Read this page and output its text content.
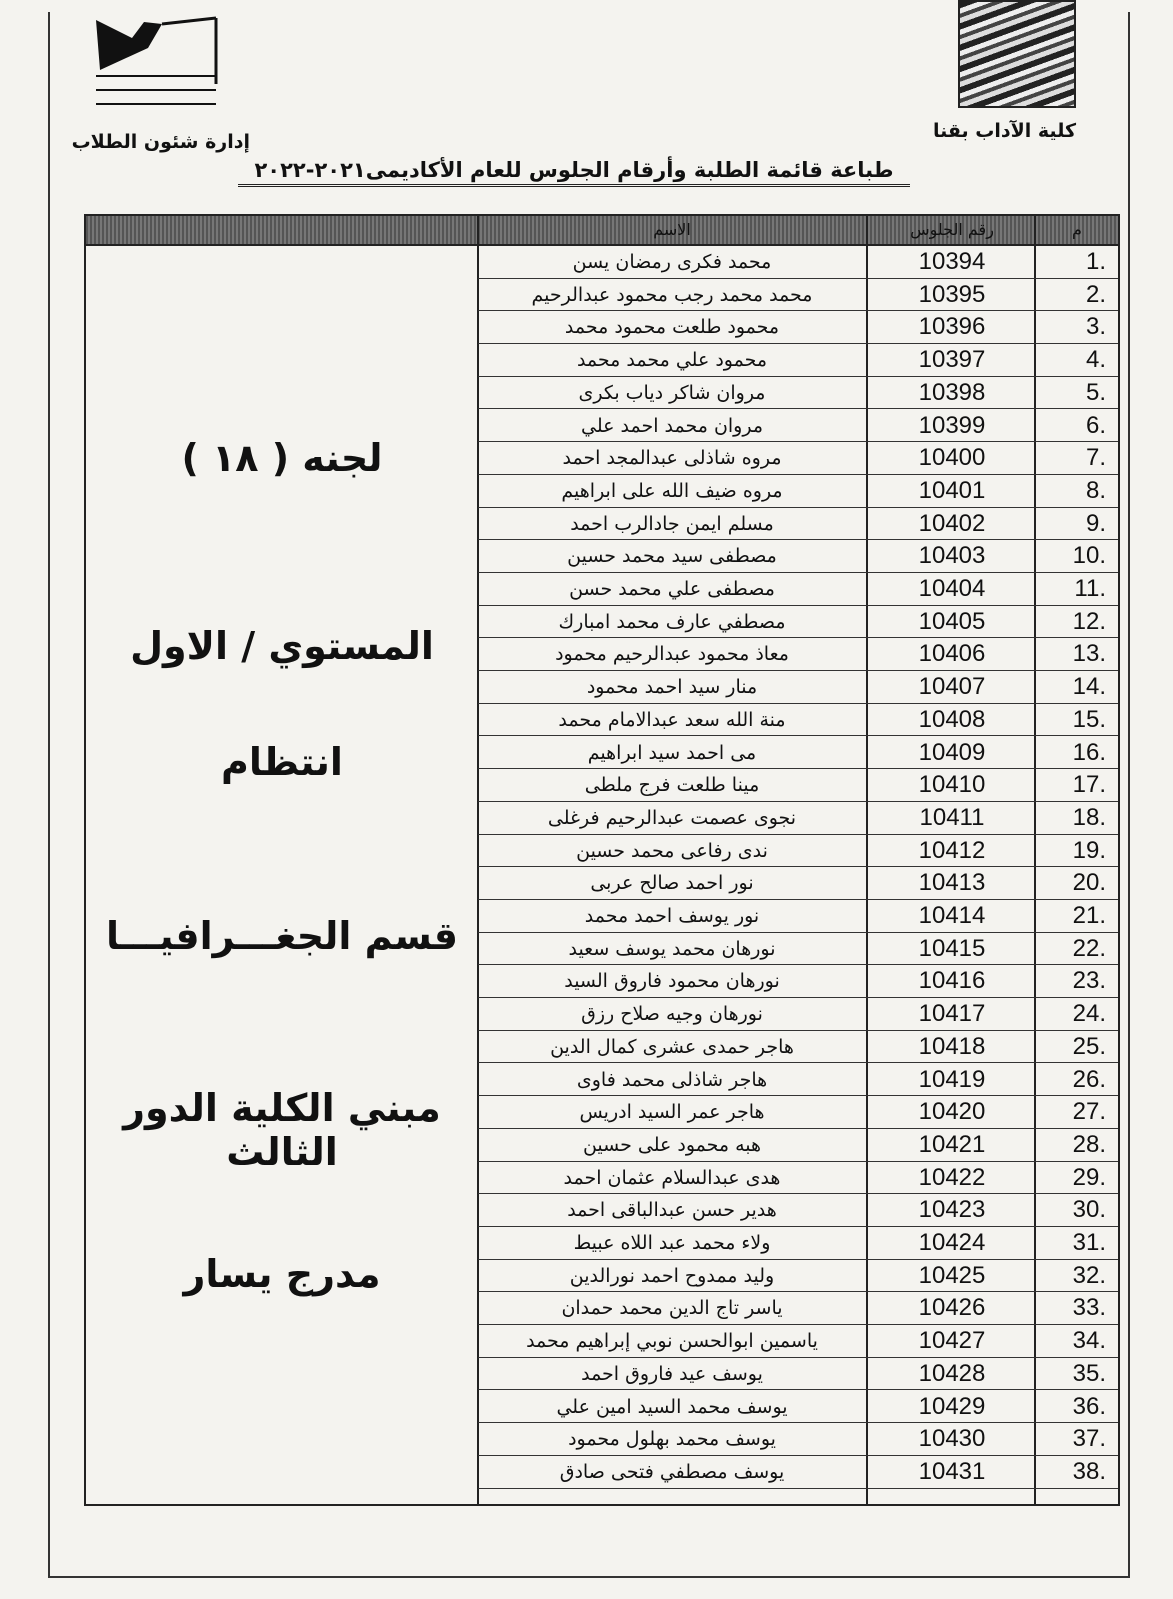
كلية الآداب بقنا
إدارة شئون الطلاب
طباعة قائمة الطلبة وأرقام الجلوس للعام الأكاديمى٢٠٢١-٢٠٢٢
الاسم	رقم الجلوس	م
لجنه ( ١٨ )
المستوي / الاول
انتظام
قسم الجغـــرافيـــا
مبني الكلية الدور الثالث
مدرج يسار
محمد فكرى رمضان يسن	10394	1.
محمد محمد رجب محمود عبدالرحيم	10395	2.
محمود طلعت محمود محمد	10396	3.
محمود علي محمد محمد	10397	4.
مروان شاكر دياب بكرى	10398	5.
مروان محمد احمد علي	10399	6.
مروه شاذلى عبدالمجد احمد	10400	7.
مروه ضيف الله على ابراهيم	10401	8.
مسلم ايمن جادالرب احمد	10402	9.
مصطفى سيد محمد حسين	10403	10.
مصطفى علي محمد حسن	10404	11.
مصطفي عارف محمد امبارك	10405	12.
معاذ محمود عبدالرحيم محمود	10406	13.
منار سيد احمد محمود	10407	14.
منة الله سعد عبدالامام محمد	10408	15.
مى احمد سيد ابراهيم	10409	16.
مينا طلعت فرج ملطى	10410	17.
نجوى عصمت عبدالرحيم فرغلى	10411	18.
ندى رفاعى محمد حسين	10412	19.
نور احمد صالح عربى	10413	20.
نور يوسف احمد محمد	10414	21.
نورهان محمد يوسف سعيد	10415	22.
نورهان محمود فاروق السيد	10416	23.
نورهان وجيه صلاح رزق	10417	24.
هاجر حمدى عشرى كمال الدين	10418	25.
هاجر شاذلى محمد فاوى	10419	26.
هاجر عمر السيد ادريس	10420	27.
هبه محمود على حسين	10421	28.
هدى عبدالسلام عثمان احمد	10422	29.
هدير حسن عبدالباقى احمد	10423	30.
ولاء محمد عبد اللاه عبيط	10424	31.
وليد ممدوح احمد نورالدين	10425	32.
ياسر تاج الدين محمد حمدان	10426	33.
ياسمين ابوالحسن نوبي إبراهيم محمد	10427	34.
يوسف عيد فاروق احمد	10428	35.
يوسف محمد السيد امين علي	10429	36.
يوسف محمد بهلول محمود	10430	37.
يوسف مصطفي فتحى صادق	10431	38.
